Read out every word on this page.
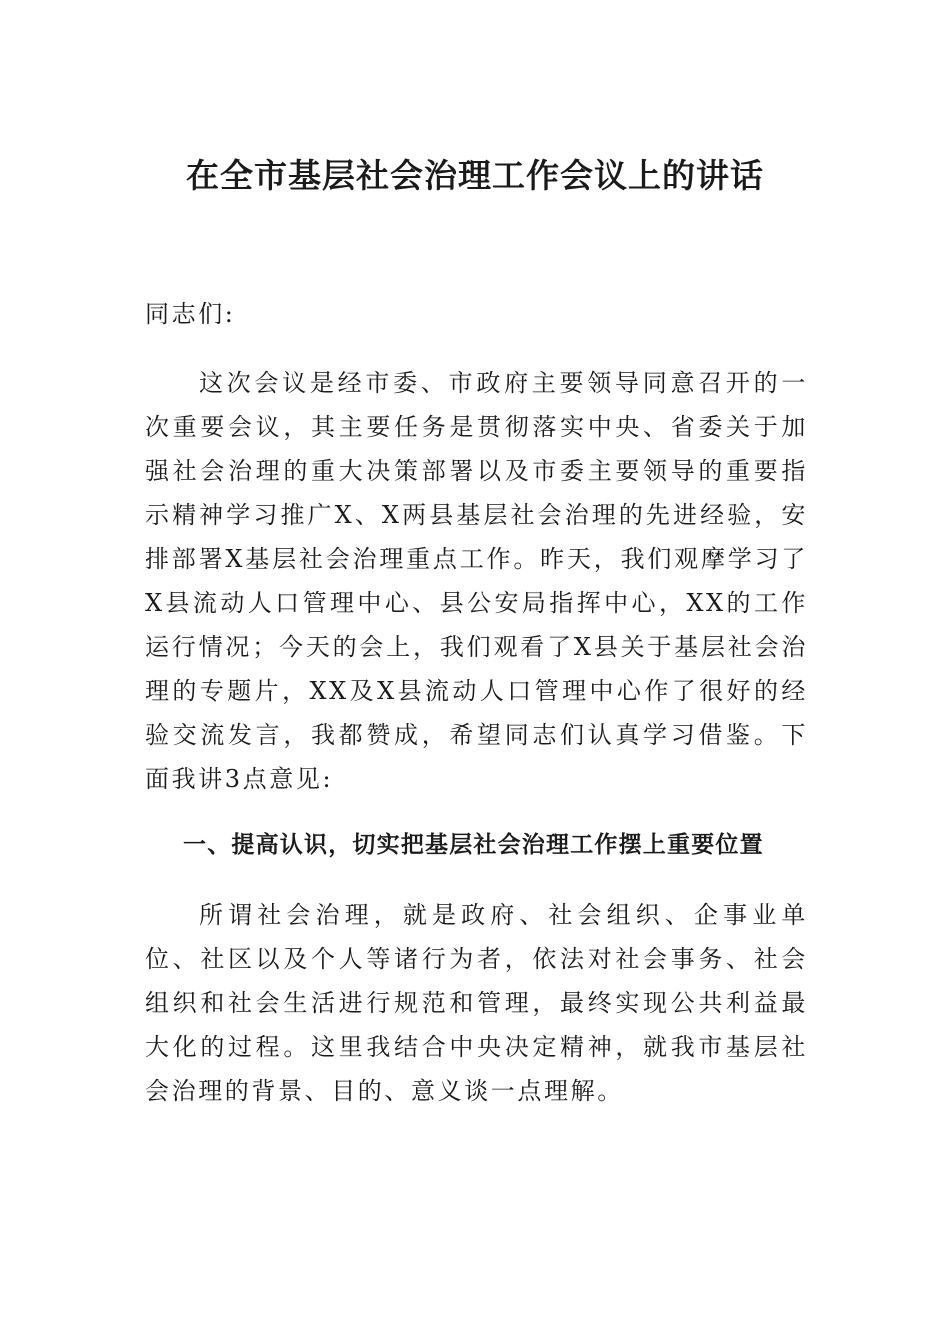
在全市基层社会治理工作会议上的讲话

同志们:

这次会议是经市委、市政府主要领导同意召开的一次重要会议，其主要任务是贯彻落实中央、省委关于加强社会治理的重大决策部署以及市委主要领导的重要指示精神学习推广X、X两县基层社会治理的先进经验，安排部署X基层社会治理重点工作。昨天，我们观摩学习了X县流动人口管理中心、县公安局指挥中心，XX的工作运行情况；今天的会上，我们观看了X县关于基层社会治理的专题片，XX及X县流动人口管理中心作了很好的经验交流发言，我都赞成，希望同志们认真学习借鉴。下面我讲3点意见:

一、提高认识，切实把基层社会治理工作摆上重要位置

所谓社会治理，就是政府、社会组织、企事业单位、社区以及个人等诸行为者，依法对社会事务、社会组织和社会生活进行规范和管理，最终实现公共利益最大化的过程。这里我结合中央决定精神，就我市基层社会治理的背景、目的、意义谈一点理解。
